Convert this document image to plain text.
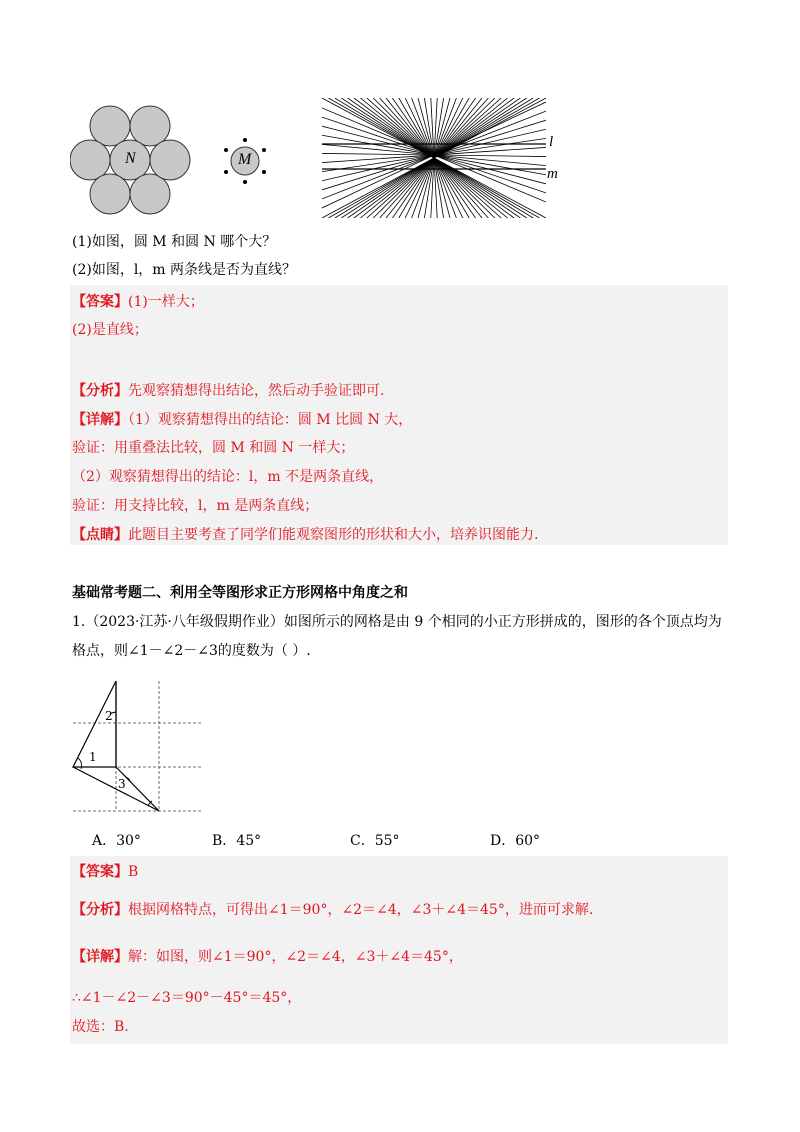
N	M
l
m
(1)如图，圆 M 和圆 N 哪个大？
(2)如图，l，m 两条线是否为直线？
【答案】(1)一样大；
(2)是直线；
【分析】先观察猜想得出结论，然后动手验证即可.
【详解】（1）观察猜想得出的结论：圆 M 比圆 N 大，
验证：用重叠法比较，圆 M 和圆 N 一样大；
（2）观察猜想得出的结论：l，m 不是两条直线，
验证：用支持比较，l，m 是两条直线；
【点睛】此题目主要考查了同学们能观察图形的形状和大小，培养识图能力.
基础常考题二、利用全等图形求正方形网格中角度之和
1.（2023·江苏·八年级假期作业）如图所示的网格是由 9 个相同的小正方形拼成的，图形的各个顶点均为
格点，则∠1－∠2－∠3的度数为（ ）.
2
1
3
A．30°	B．45°	C．55°	D．60°
【答案】B
【分析】根据网格特点，可得出∠1＝90°，∠2＝∠4，∠3＋∠4＝45°，进而可求解.
【详解】解：如图，则∠1＝90°，∠2＝∠4，∠3＋∠4＝45°，
∴∠1－∠2－∠3＝90°－45°＝45°，
故选：B.
